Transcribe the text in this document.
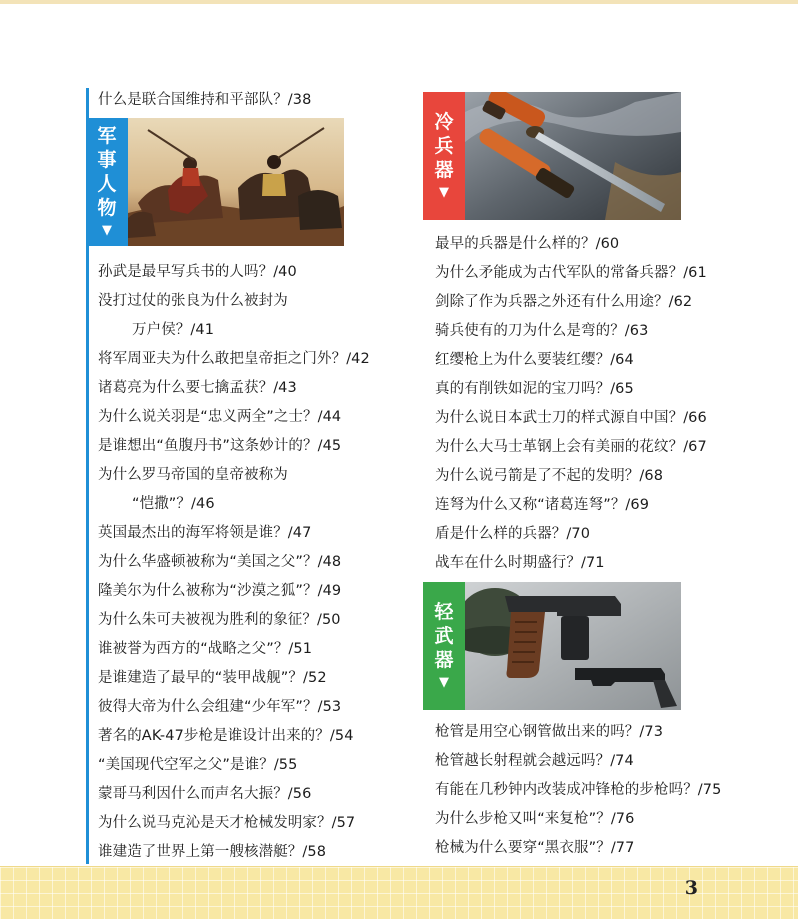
什么是联合国维持和平部队？/38
军
事
人
物
▼
孙武是最早写兵书的人吗？/40
没打过仗的张良为什么被封为
万户侯？/41
将军周亚夫为什么敢把皇帝拒之门外？/42
诸葛亮为什么要七擒孟获？/43
为什么说关羽是“忠义两全”之士？/44
是谁想出“鱼腹丹书”这条妙计的？/45
为什么罗马帝国的皇帝被称为
“恺撒”？/46
英国最杰出的海军将领是谁？/47
为什么华盛顿被称为“美国之父”？/48
隆美尔为什么被称为“沙漠之狐”？/49
为什么朱可夫被视为胜利的象征？/50
谁被誉为西方的“战略之父”？/51
是谁建造了最早的“装甲战舰”？/52
彼得大帝为什么会组建“少年军”？/53
著名的AK-47步枪是谁设计出来的？/54
“美国现代空军之父”是谁？/55
蒙哥马利因什么而声名大振？/56
为什么说马克沁是天才枪械发明家？/57
谁建造了世界上第一艘核潜艇？/58
冷
兵
器
▼
最早的兵器是什么样的？/60
为什么矛能成为古代军队的常备兵器？/61
剑除了作为兵器之外还有什么用途？/62
骑兵使有的刀为什么是弯的？/63
红缨枪上为什么要装红缨？/64
真的有削铁如泥的宝刀吗？/65
为什么说日本武士刀的样式源自中国？/66
为什么大马士革钢上会有美丽的花纹？/67
为什么说弓箭是了不起的发明？/68
连弩为什么又称“诸葛连弩”？/69
盾是什么样的兵器？/70
战车在什么时期盛行？/71
轻
武
器
▼
枪管是用空心钢管做出来的吗？/73
枪管越长射程就会越远吗？/74
有能在几秒钟内改装成冲锋枪的步枪吗？/75
为什么步枪又叫“来复枪”？/76
枪械为什么要穿“黑衣服”？/77
3
